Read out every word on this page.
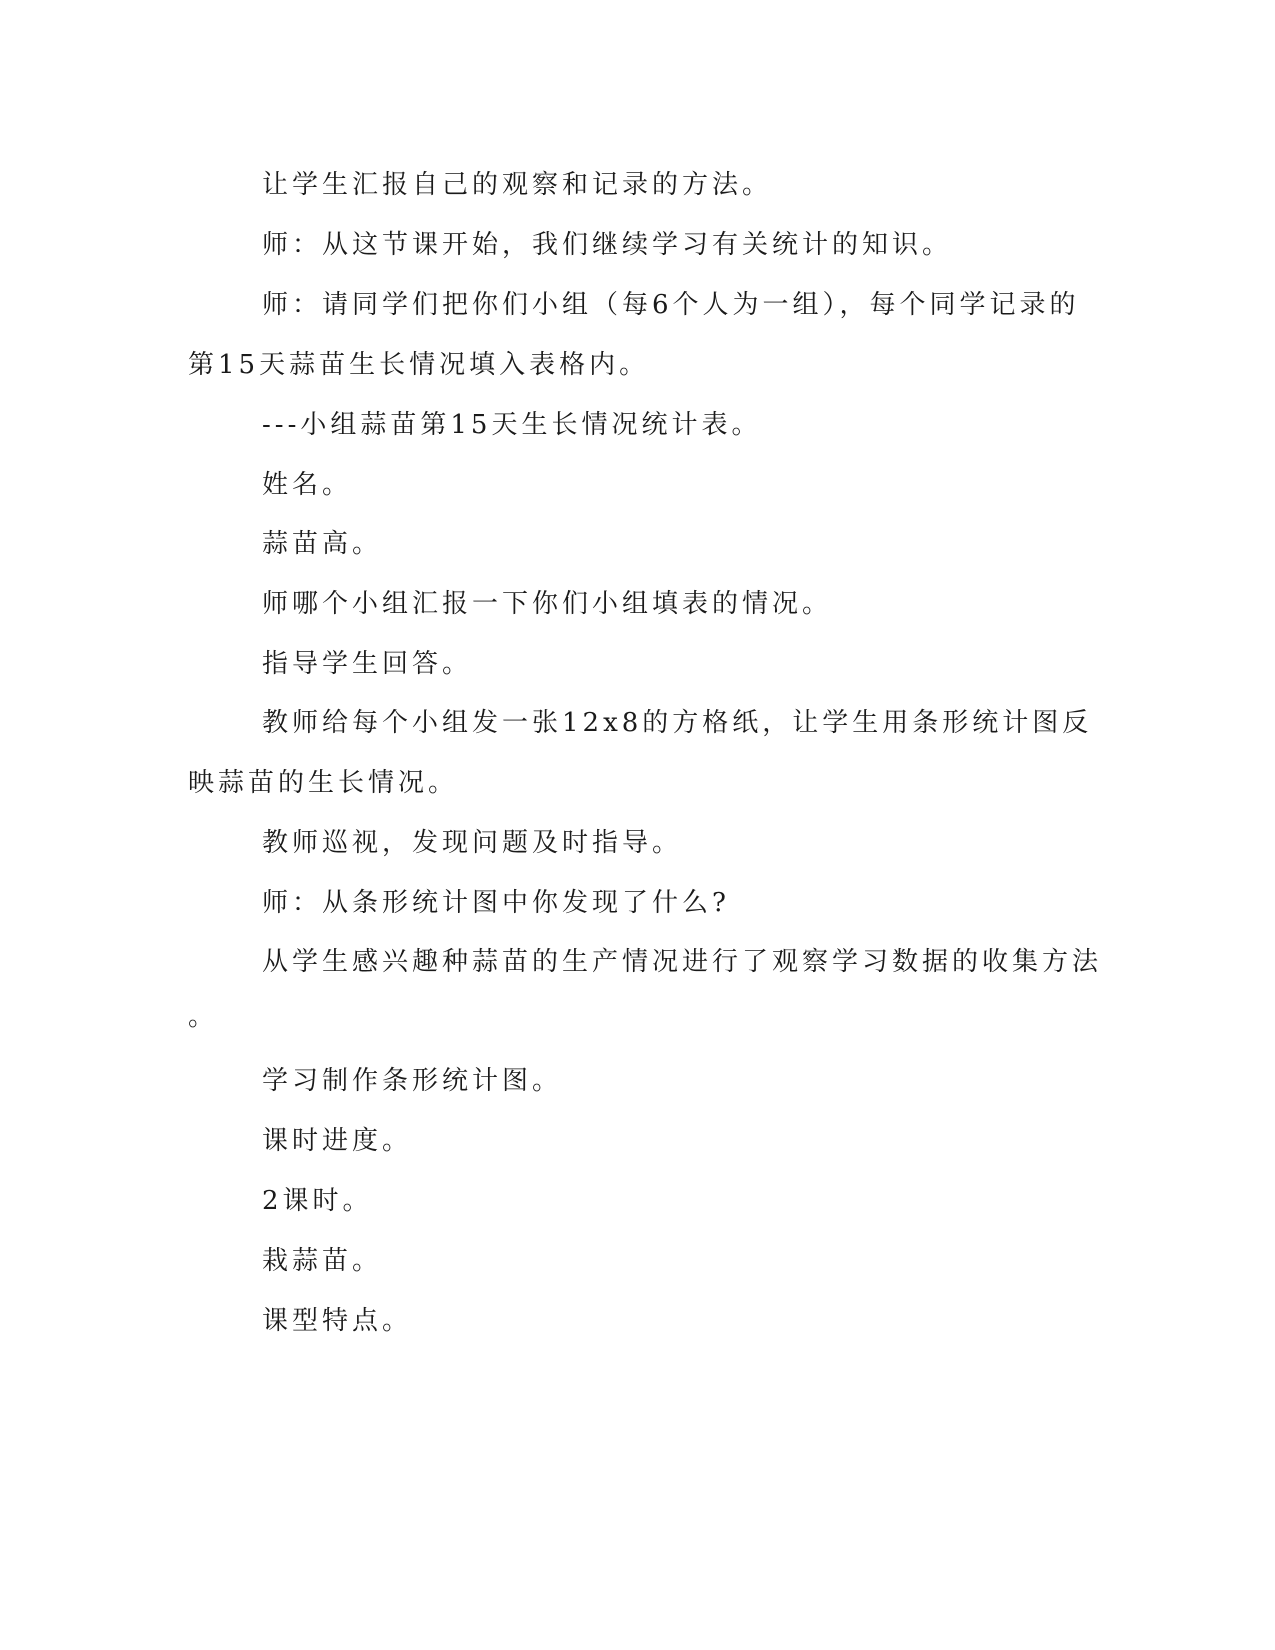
让学生汇报自己的观察和记录的方法。

师：从这节课开始，我们继续学习有关统计的知识。

师：请同学们把你们小组（每6个人为一组），每个同学记录的

第15天蒜苗生长情况填入表格内。

---小组蒜苗第15天生长情况统计表。

姓名。

蒜苗高。

师哪个小组汇报一下你们小组填表的情况。

指导学生回答。

教师给每个小组发一张12x8的方格纸，让学生用条形统计图反

映蒜苗的生长情况。

教师巡视，发现问题及时指导。

师：从条形统计图中你发现了什么?

从学生感兴趣种蒜苗的生产情况进行了观察学习数据的收集方法

。

学习制作条形统计图。

课时进度。

2课时。

栽蒜苗。

课型特点。
